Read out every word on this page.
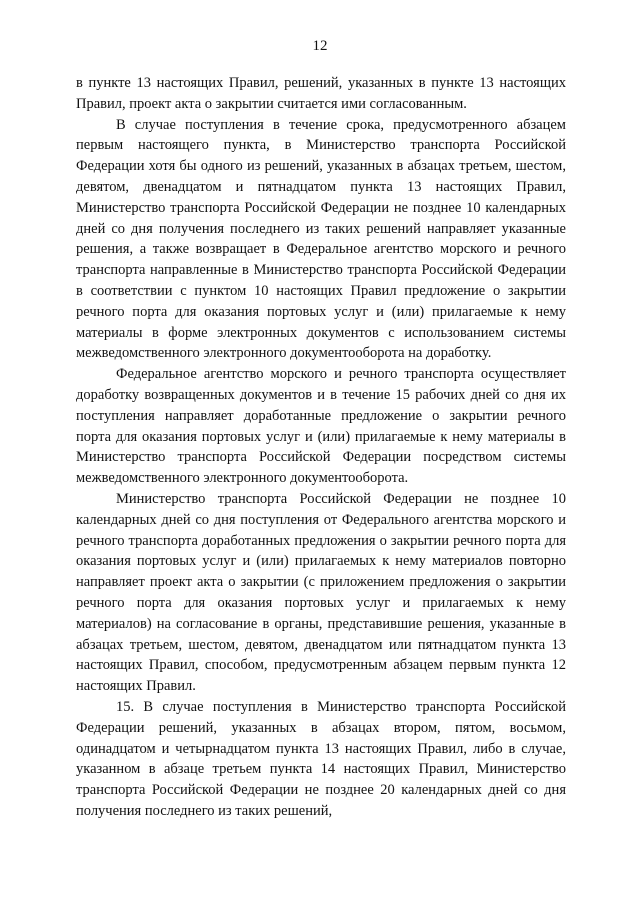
12

в пункте 13 настоящих Правил, решений, указанных в пункте 13 настоящих Правил, проект акта о закрытии считается ими согласованным.

В случае поступления в течение срока, предусмотренного абзацем первым настоящего пункта, в Министерство транспорта Российской Федерации хотя бы одного из решений, указанных в абзацах третьем, шестом, девятом, двенадцатом и пятнадцатом пункта 13 настоящих Правил, Министерство транспорта Российской Федерации не позднее 10 календарных дней со дня получения последнего из таких решений направляет указанные решения, а также возвращает в Федеральное агентство морского и речного транспорта направленные в Министерство транспорта Российской Федерации в соответствии с пунктом 10 настоящих Правил предложение о закрытии речного порта для оказания портовых услуг и (или) прилагаемые к нему материалы в форме электронных документов с использованием системы межведомственного электронного документооборота на доработку.

Федеральное агентство морского и речного транспорта осуществляет доработку возвращенных документов и в течение 15 рабочих дней со дня их поступления направляет доработанные предложение о закрытии речного порта для оказания портовых услуг и (или) прилагаемые к нему материалы в Министерство транспорта Российской Федерации посредством системы межведомственного электронного документооборота.

Министерство транспорта Российской Федерации не позднее 10 календарных дней со дня поступления от Федерального агентства морского и речного транспорта доработанных предложения о закрытии речного порта для оказания портовых услуг и (или) прилагаемых к нему материалов повторно направляет проект акта о закрытии (с приложением предложения о закрытии речного порта для оказания портовых услуг и прилагаемых к нему материалов) на согласование в органы, представившие решения, указанные в абзацах третьем, шестом, девятом, двенадцатом или пятнадцатом пункта 13 настоящих Правил, способом, предусмотренным абзацем первым пункта 12 настоящих Правил.

15. В случае поступления в Министерство транспорта Российской Федерации решений, указанных в абзацах втором, пятом, восьмом, одинадцатом и четырнадцатом пункта 13 настоящих Правил, либо в случае, указанном в абзаце третьем пункта 14 настоящих Правил, Министерство транспорта Российской Федерации не позднее 20 календарных дней со дня получения последнего из таких решений,
